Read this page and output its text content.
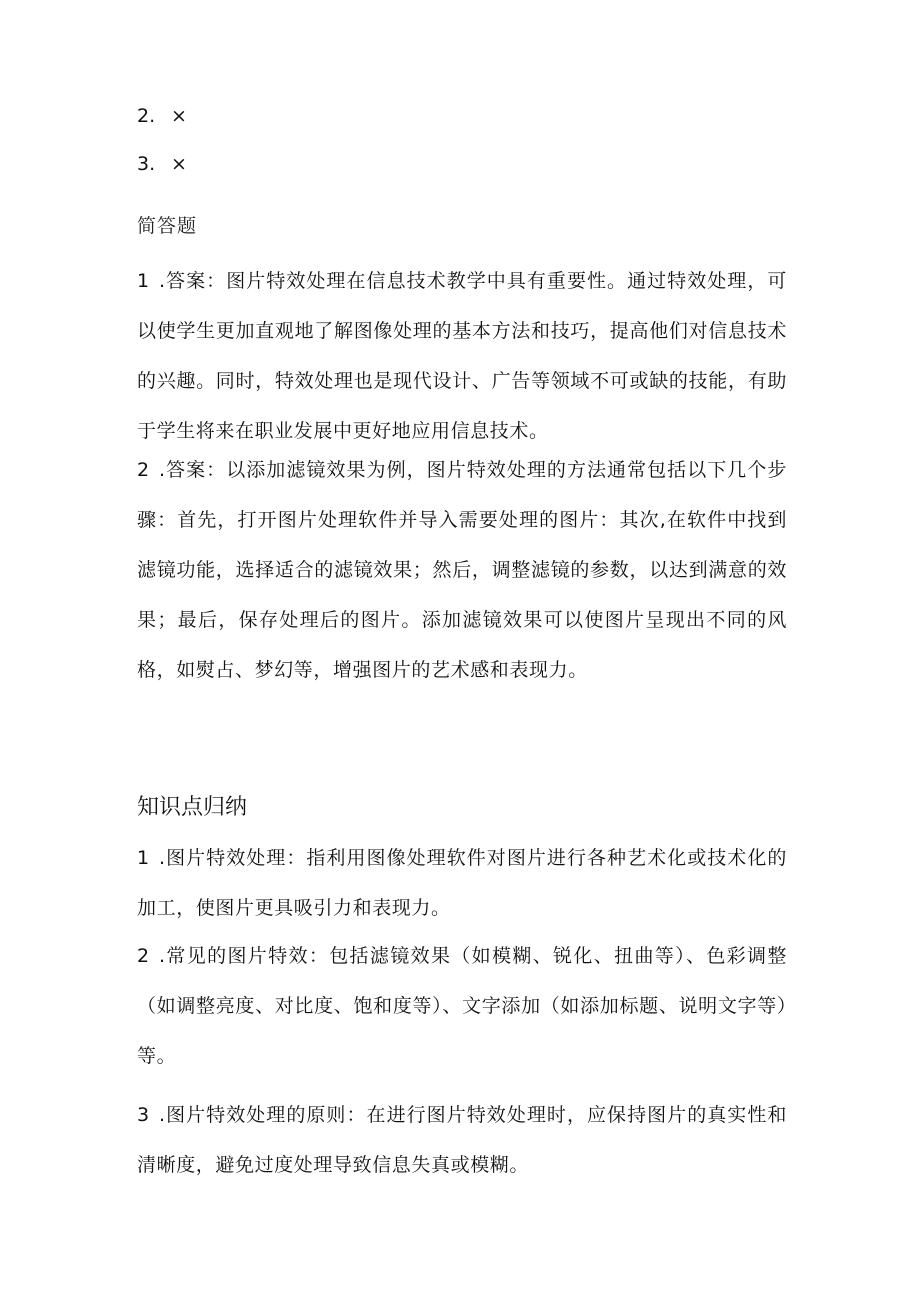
2. ×
3. ×
简答题

1 .答案：图片特效处理在信息技术教学中具有重要性。通过特效处理，可以使学生更加直观地了解图像处理的基本方法和技巧，提高他们对信息技术的兴趣。同时，特效处理也是现代设计、广告等领域不可或缺的技能，有助于学生将来在职业发展中更好地应用信息技术。

2 .答案：以添加滤镜效果为例，图片特效处理的方法通常包括以下几个步骤：首先，打开图片处理软件并导入需要处理的图片：其次,在软件中找到滤镜功能，选择适合的滤镜效果；然后，调整滤镜的参数，以达到满意的效果；最后，保存处理后的图片。添加滤镜效果可以使图片呈现出不同的风格，如熨占、梦幻等，增强图片的艺术感和表现力。

知识点归纳

1 .图片特效处理：指利用图像处理软件对图片进行各种艺术化或技术化的加工，使图片更具吸引力和表现力。

2 .常见的图片特效：包括滤镜效果（如模糊、锐化、扭曲等）、色彩调整（如调整亮度、对比度、饱和度等）、文字添加（如添加标题、说明文字等）等。

3 .图片特效处理的原则：在进行图片特效处理时，应保持图片的真实性和清晰度，避免过度处理导致信息失真或模糊。
